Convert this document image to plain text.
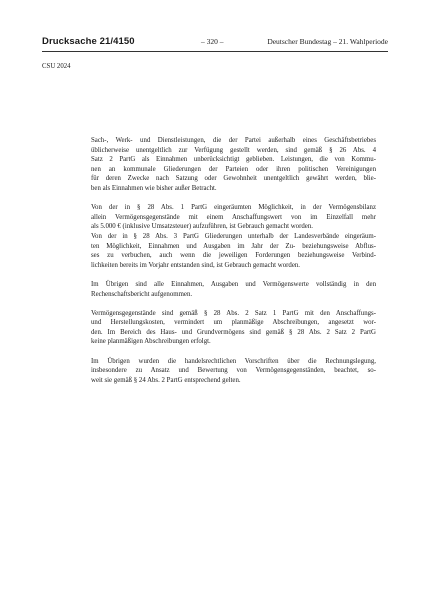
Drucksache 21/4150	– 320 –	Deutscher Bundestag – 21. Wahlperiode
CSU 2024
Sach-, Werk- und Dienstleistungen, die der Partei außerhalb eines Geschäftsbetriebes
üblicherweise unentgeltlich zur Verfügung gestellt werden, sind gemäß § 26 Abs. 4
Satz 2 PartG als Einnahmen unberücksichtigt geblieben. Leistungen, die von Kommu-
nen an kommunale Gliederungen der Parteien oder ihren politischen Vereinigungen
für deren Zwecke nach Satzung oder Gewohnheit unentgeltlich gewährt werden, blie-
ben als Einnahmen wie bisher außer Betracht.
Von der in § 28 Abs. 1 PartG eingeräumten Möglichkeit, in der Vermögensbilanz
allein Vermögensgegenstände mit einem Anschaffungswert von im Einzelfall mehr
als 5.000 € (inklusive Umsatzsteuer) aufzuführen, ist Gebrauch gemacht worden.
Von der in § 28 Abs. 3 PartG Gliederungen unterhalb der Landesverbände eingeräum-
ten Möglichkeit, Einnahmen und Ausgaben im Jahr der Zu- beziehungsweise Abflus-
ses zu verbuchen, auch wenn die jeweiligen Forderungen beziehungsweise Verbind-
lichkeiten bereits im Vorjahr entstanden sind, ist Gebrauch gemacht worden.
Im Übrigen sind alle Einnahmen, Ausgaben und Vermögenswerte vollständig in den
Rechenschaftsbericht aufgenommen.
Vermögensgegenstände sind gemäß § 28 Abs. 2 Satz 1 PartG mit den Anschaffungs-
und Herstellungskosten, vermindert um planmäßige Abschreibungen, angesetzt wor-
den. Im Bereich des Haus- und Grundvermögens sind gemäß § 28 Abs. 2 Satz 2 PartG
keine planmäßigen Abschreibungen erfolgt.
Im Übrigen wurden die handelsrechtlichen Vorschriften über die Rechnungslegung,
insbesondere zu Ansatz und Bewertung von Vermögensgegenständen, beachtet, so-
weit sie gemäß § 24 Abs. 2 PartG entsprechend gelten.
